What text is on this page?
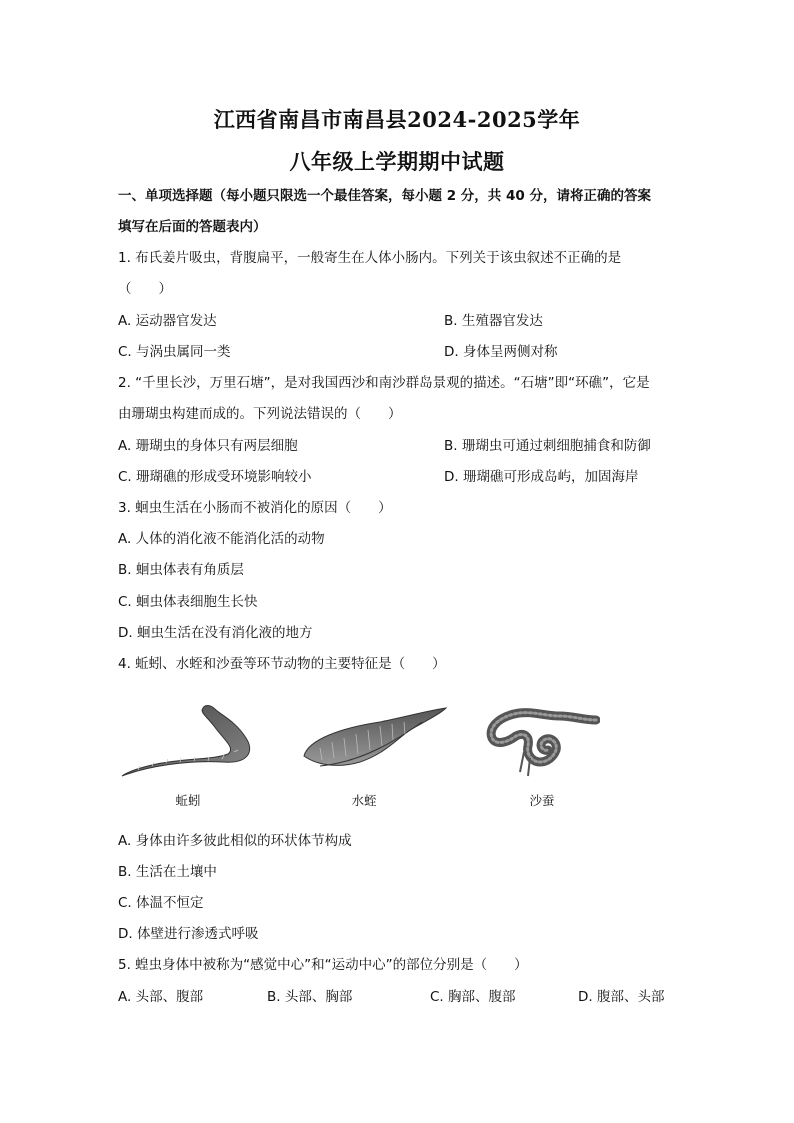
江西省南昌市南昌县2024-2025学年
八年级上学期期中试题
一、单项选择题（每小题只限选一个最佳答案，每小题 2 分，共 40 分，请将正确的答案
填写在后面的答题表内）
1. 布氏姜片吸虫，背腹扁平，一般寄生在人体小肠内。下列关于该虫叙述不正确的是
（　　）
A. 运动器官发达	B. 生殖器官发达
C. 与涡虫属同一类	D. 身体呈两侧对称
2. “千里长沙，万里石塘”，是对我国西沙和南沙群岛景观的描述。“石塘”即“环礁”，它是
由珊瑚虫构建而成的。下列说法错误的（　　）
A. 珊瑚虫的身体只有两层细胞	B. 珊瑚虫可通过刺细胞捕食和防御
C. 珊瑚礁的形成受环境影响较小	D. 珊瑚礁可形成岛屿，加固海岸
3. 蛔虫生活在小肠而不被消化的原因（　　）
A. 人体的消化液不能消化活的动物
B. 蛔虫体表有角质层
C. 蛔虫体表细胞生长快
D. 蛔虫生活在没有消化液的地方
4. 蚯蚓、水蛭和沙蚕等环节动物的主要特征是（　　）
蚯蚓	水蛭	沙蚕
A. 身体由许多彼此相似的环状体节构成
B. 生活在土壤中
C. 体温不恒定
D. 体壁进行渗透式呼吸
5. 蝗虫身体中被称为“感觉中心”和“运动中心”的部位分别是（　　）
A. 头部、腹部	B. 头部、胸部	C. 胸部、腹部	D. 腹部、头部
